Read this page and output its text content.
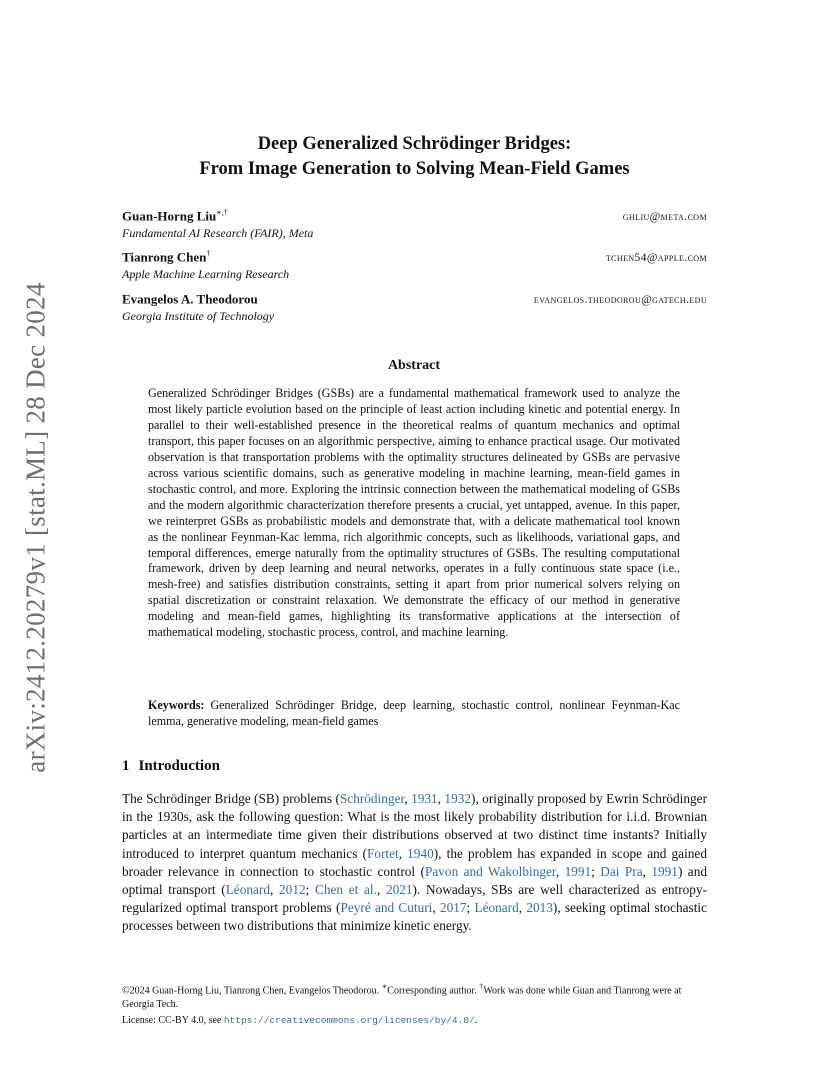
arXiv:2412.20279v1 [stat.ML] 28 Dec 2024
Deep Generalized Schrödinger Bridges:
From Image Generation to Solving Mean-Field Games
Guan-Horng Liu∗,†	ghliu@meta.com
Fundamental AI Research (FAIR), Meta
Tianrong Chen†	tchen54@apple.com
Apple Machine Learning Research
Evangelos A. Theodorou	evangelos.theodorou@gatech.edu
Georgia Institute of Technology
Abstract

Generalized Schrödinger Bridges (GSBs) are a fundamental mathematical framework used to analyze the most likely particle evolution based on the principle of least action including kinetic and potential energy. In parallel to their well-established presence in the theoretical realms of quantum mechanics and optimal transport, this paper focuses on an algorithmic perspective, aiming to enhance practical usage. Our motivated observation is that transportation problems with the optimality structures delineated by GSBs are pervasive across various scientific domains, such as generative modeling in machine learning, mean-field games in stochastic control, and more. Exploring the intrinsic connection between the mathematical modeling of GSBs and the modern algorithmic characterization therefore presents a crucial, yet untapped, avenue. In this paper, we reinterpret GSBs as probabilistic models and demonstrate that, with a delicate mathematical tool known as the nonlinear Feynman-Kac lemma, rich algorithmic concepts, such as likelihoods, variational gaps, and temporal differences, emerge naturally from the optimality structures of GSBs. The resulting computational framework, driven by deep learning and neural networks, operates in a fully continuous state space (i.e., mesh-free) and satisfies distribution constraints, setting it apart from prior numerical solvers relying on spatial discretization or constraint relaxation. We demonstrate the efficacy of our method in generative modeling and mean-field games, highlighting its transformative applications at the intersection of mathematical modeling, stochastic process, control, and machine learning.

Keywords: Generalized Schrödinger Bridge, deep learning, stochastic control, nonlinear Feynman-Kac lemma, generative modeling, mean-field games

1 Introduction

The Schrödinger Bridge (SB) problems (Schrödinger, 1931, 1932), originally proposed by Ewrin Schrödinger in the 1930s, ask the following question: What is the most likely probability distribution for i.i.d. Brownian particles at an intermediate time given their distributions observed at two distinct time instants? Initially introduced to interpret quantum mechanics (Fortet, 1940), the problem has expanded in scope and gained broader relevance in connection to stochastic control (Pavon and Wakolbinger, 1991; Dai Pra, 1991) and optimal transport (Léonard, 2012; Chen et al., 2021). Nowadays, SBs are well characterized as entropy-regularized optimal transport problems (Peyré and Cuturi, 2017; Léonard, 2013), seeking optimal stochastic processes between two distributions that minimize kinetic energy.

©2024 Guan-Horng Liu, Tianrong Chen, Evangelos Theodorou. ∗Corresponding author. †Work was done while Guan and Tianrong were at Georgia Tech.
License: CC-BY 4.0, see https://creativecommons.org/licenses/by/4.0/.
